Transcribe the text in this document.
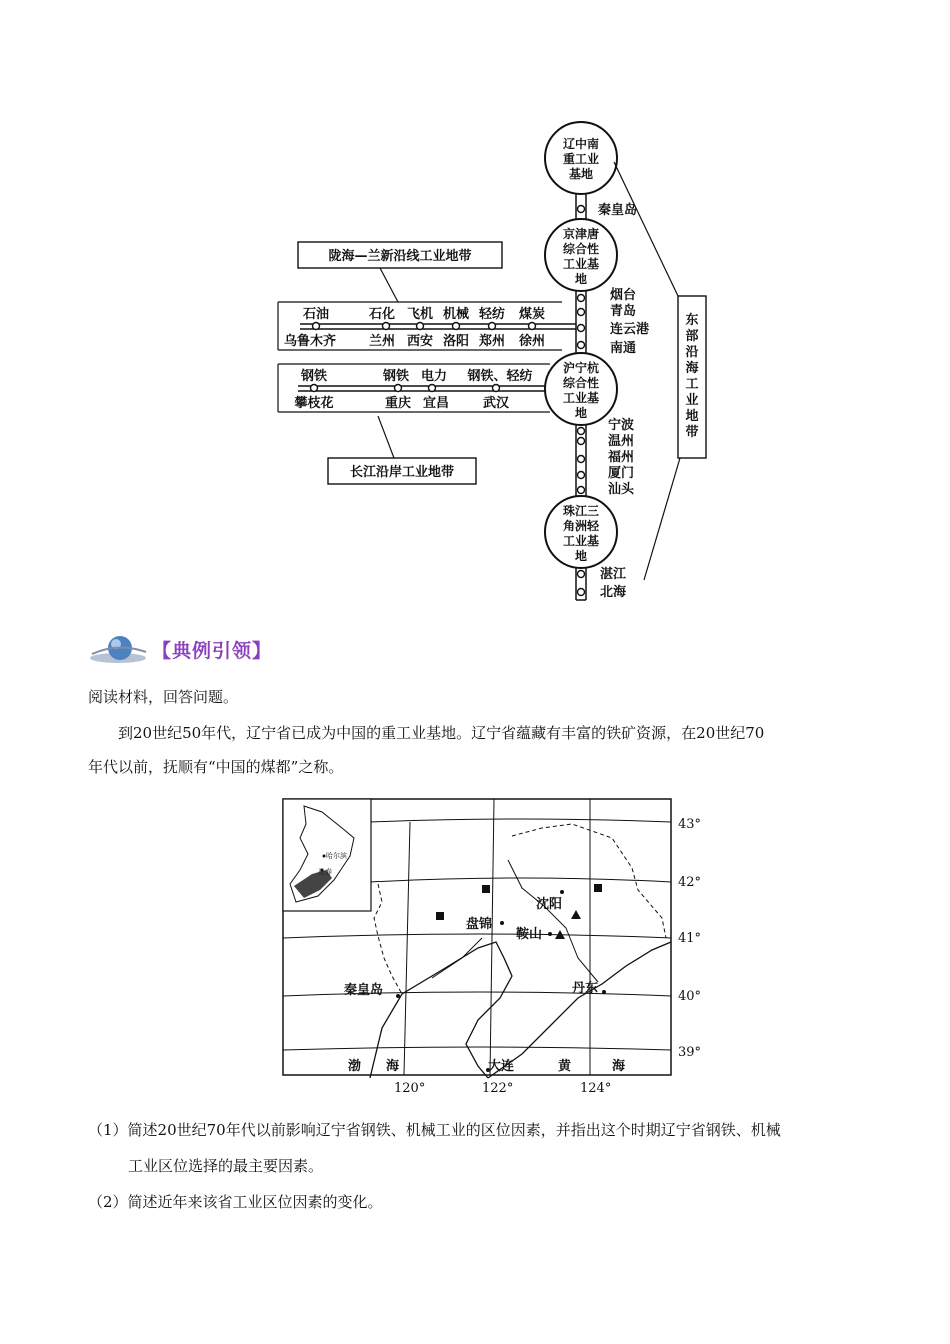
辽中南
重工业
基地
京津唐
综合性
工业基
地
沪宁杭
综合性
工业基
地
珠江三
角洲轻
工业基
地
秦皇岛
烟台
青岛
连云港
南通
宁波
温州
福州
厦门
汕头
湛江
北海
东
部
沿
海
工
业
地
带
陇海—兰新沿线工业地带
石油	石化 飞机 机械 轻纺 煤炭
乌鲁木齐	兰州 西安 洛阳 郑州 徐州
钢铁	钢铁 电力 钢铁、轻纺
攀枝花	重庆 宜昌	武汉
长江沿岸工业地带
【典例引领】
阅读材料，回答问题。
到20世纪50年代，辽宁省已成为中国的重工业基地。辽宁省蕴藏有丰富的铁矿资源，在20世纪70
年代以前，抚顺有“中国的煤都”之称。
哈尔滨
长春
沈阳
盘锦
鞍山
秦皇岛	丹东
大连
渤 海	黄	海
43°
42°
41°
40°
39°
120°	122°	124°
（1）简述20世纪70年代以前影响辽宁省钢铁、机械工业的区位因素，并指出这个时期辽宁省钢铁、机械
工业区位选择的最主要因素。
（2）简述近年来该省工业区位因素的变化。
